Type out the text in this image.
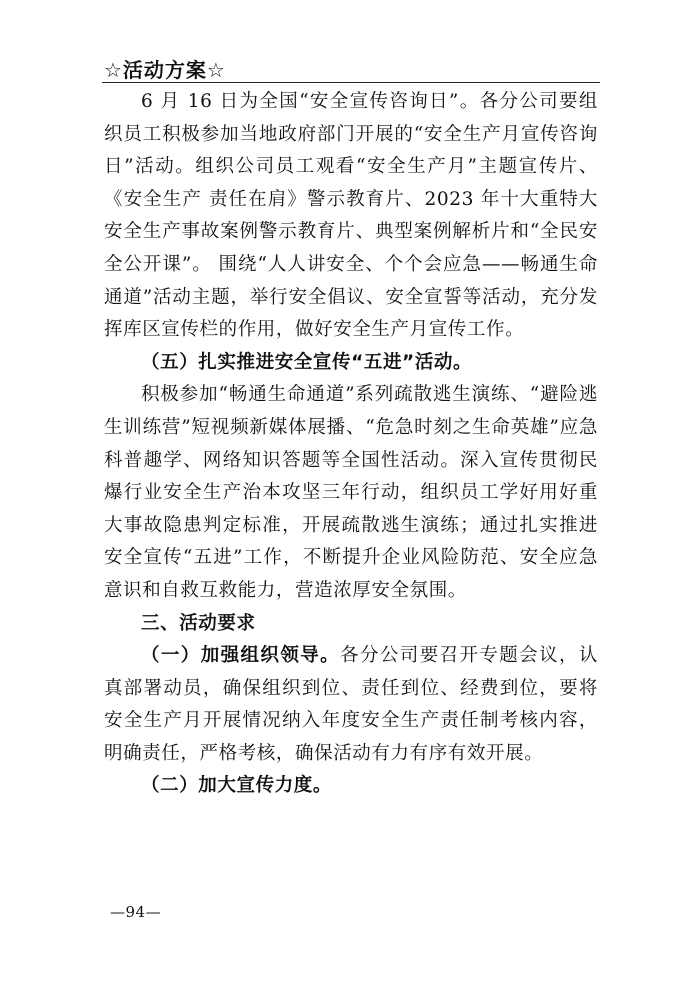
☆活动方案☆

6 月 16 日为全国“安全宣传咨询日”。各分公司要组织员工积极参加当地政府部门开展的“安全生产月宣传咨询日”活动。组织公司员工观看“安全生产月”主题宣传片、《安全生产 责任在肩》警示教育片、2023 年十大重特大安全生产事故案例警示教育片、典型案例解析片和“全民安全公开课”。 围绕“人人讲安全、个个会应急——畅通生命通道”活动主题，举行安全倡议、安全宣誓等活动，充分发挥库区宣传栏的作用，做好安全生产月宣传工作。

（五）扎实推进安全宣传“五进”活动。

积极参加“畅通生命通道”系列疏散逃生演练、“避险逃生训练营”短视频新媒体展播、“危急时刻之生命英雄”应急科普趣学、网络知识答题等全国性活动。深入宣传贯彻民爆行业安全生产治本攻坚三年行动，组织员工学好用好重大事故隐患判定标准，开展疏散逃生演练；通过扎实推进安全宣传“五进”工作，不断提升企业风险防范、安全应急意识和自救互救能力，营造浓厚安全氛围。

三、活动要求

（一）加强组织领导。各分公司要召开专题会议，认真部署动员，确保组织到位、责任到位、经费到位，要将安全生产月开展情况纳入年度安全生产责任制考核内容，明确责任，严格考核，确保活动有力有序有效开展。

（二）加大宣传力度。

—94—
